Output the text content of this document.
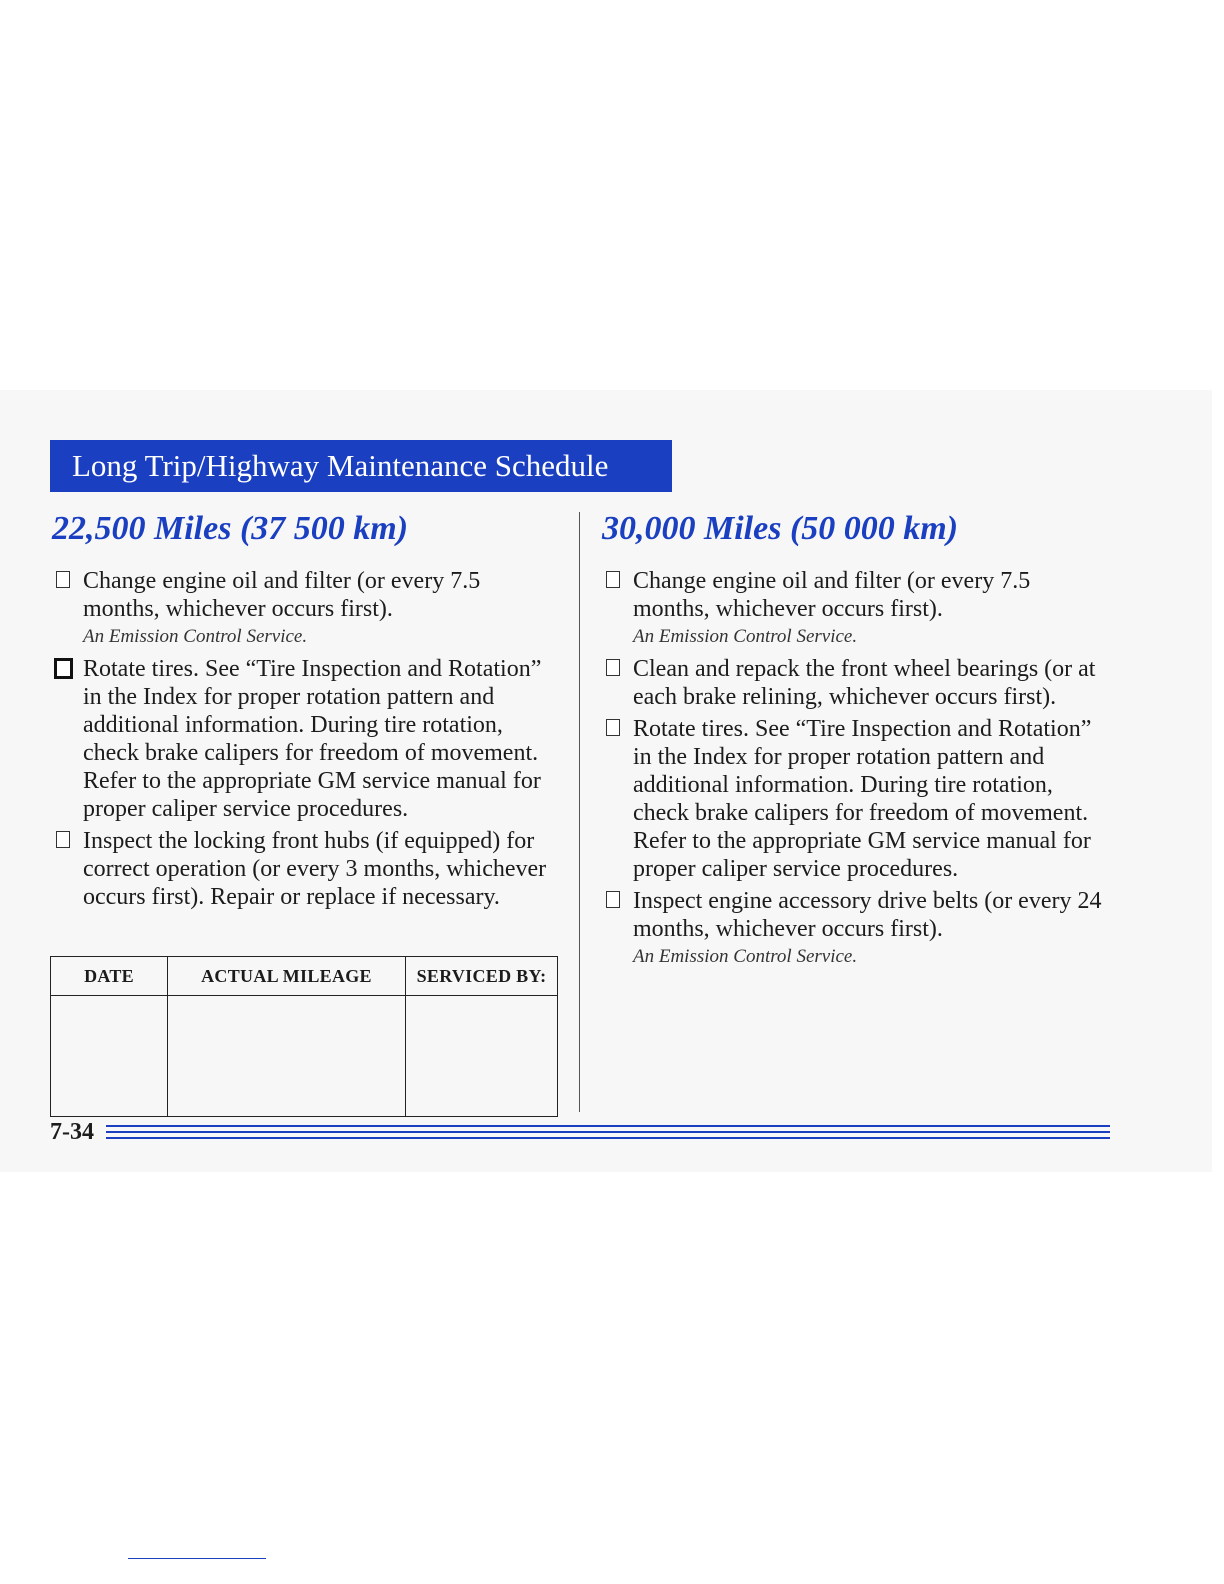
Long Trip/Highway Maintenance Schedule
22,500 Miles (37 500 km)
Change engine oil and filter (or every 7.5 months, whichever occurs first).
An Emission Control Service.
Rotate tires. See “Tire Inspection and Rotation” in the Index for proper rotation pattern and additional information. During tire rotation, check brake calipers for freedom of movement. Refer to the appropriate GM service manual for proper caliper service procedures.
Inspect the locking front hubs (if equipped) for correct operation (or every 3 months, whichever occurs first). Repair or replace if necessary.
DATE	ACTUAL MILEAGE	SERVICED BY:

30,000 Miles (50 000 km)
Change engine oil and filter (or every 7.5 months, whichever occurs first).
An Emission Control Service.
Clean and repack the front wheel bearings (or at each brake relining, whichever occurs first).
Rotate tires. See “Tire Inspection and Rotation” in the Index for proper rotation pattern and additional information. During tire rotation, check brake calipers for freedom of movement. Refer to the appropriate GM service manual for proper caliper service procedures.
Inspect engine accessory drive belts (or every 24 months, whichever occurs first).
An Emission Control Service.
7-34
